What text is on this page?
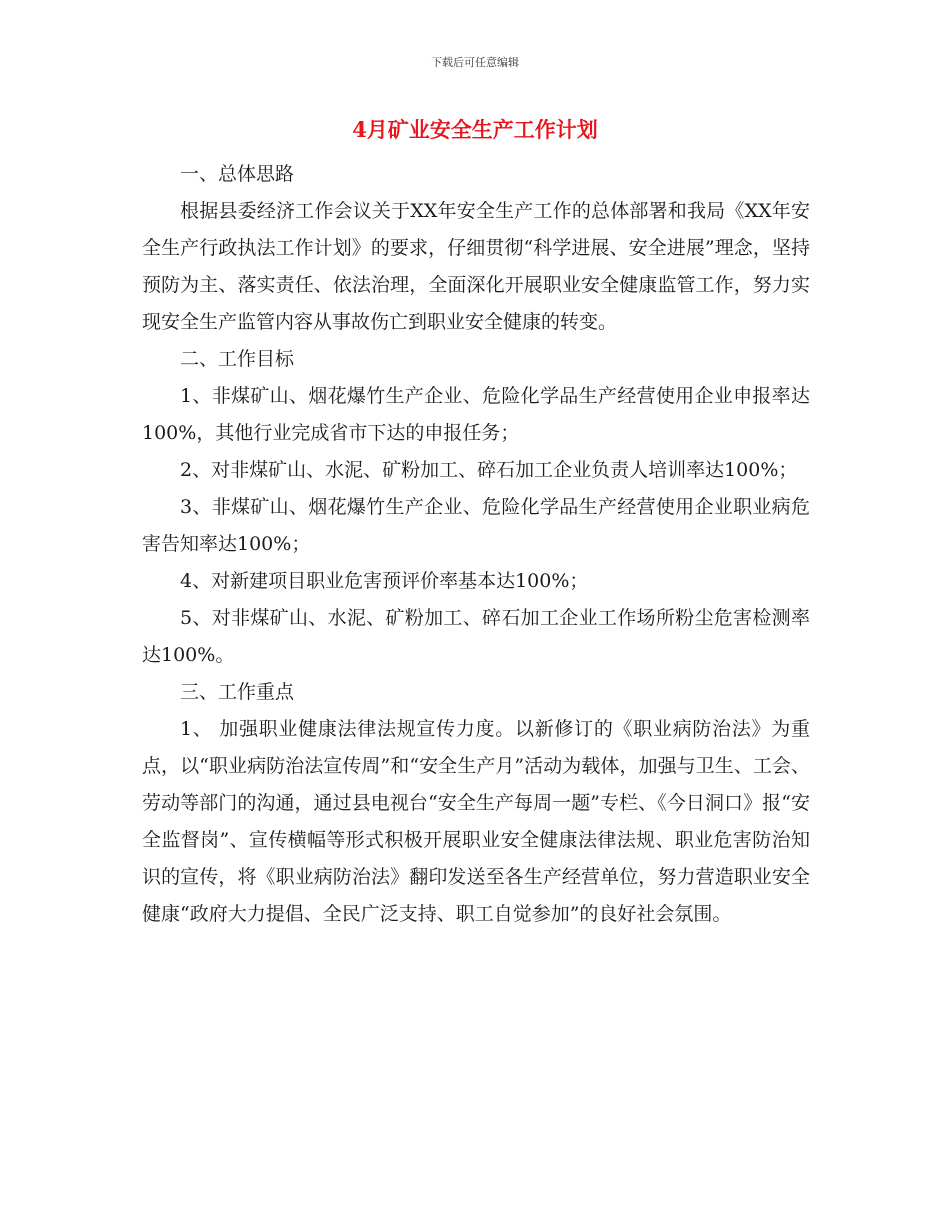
下载后可任意编辑
4月矿业安全生产工作计划

一、总体思路

根据县委经济工作会议关于XX年安全生产工作的总体部署和我局《XX年安全生产行政执法工作计划》的要求，仔细贯彻“科学进展、安全进展”理念，坚持预防为主、落实责任、依法治理，全面深化开展职业安全健康监管工作，努力实现安全生产监管内容从事故伤亡到职业安全健康的转变。

二、工作目标

1、非煤矿山、烟花爆竹生产企业、危险化学品生产经营使用企业申报率达100%，其他行业完成省市下达的申报任务；

2、对非煤矿山、水泥、矿粉加工、碎石加工企业负责人培训率达100%；

3、非煤矿山、烟花爆竹生产企业、危险化学品生产经营使用企业职业病危害告知率达100%；

4、对新建项目职业危害预评价率基本达100%；

5、对非煤矿山、水泥、矿粉加工、碎石加工企业工作场所粉尘危害检测率达100%。

三、工作重点

1、 加强职业健康法律法规宣传力度。以新修订的《职业病防治法》为重点，以“职业病防治法宣传周”和“安全生产月”活动为载体，加强与卫生、工会、劳动等部门的沟通，通过县电视台“安全生产每周一题”专栏、《今日洞口》报“安全监督岗”、宣传横幅等形式积极开展职业安全健康法律法规、职业危害防治知识的宣传，将《职业病防治法》翻印发送至各生产经营单位，努力营造职业安全健康“政府大力提倡、全民广泛支持、职工自觉参加”的良好社会氛围。
